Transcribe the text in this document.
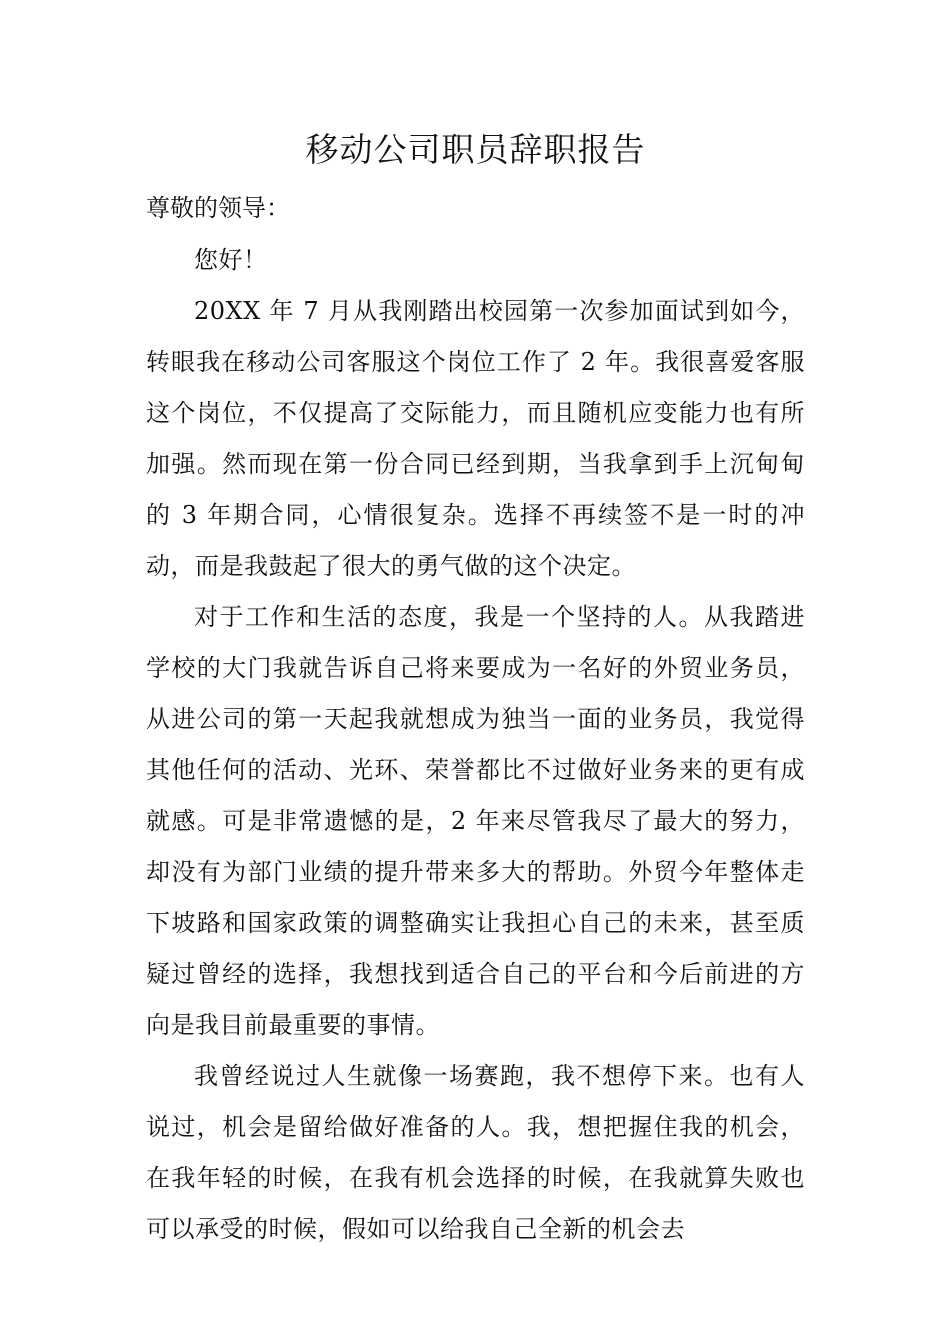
移动公司职员辞职报告

尊敬的领导：

您好！

20XX 年 7 月从我刚踏出校园第一次参加面试到如今，转眼我在移动公司客服这个岗位工作了 2 年。我很喜爱客服这个岗位，不仅提高了交际能力，而且随机应变能力也有所加强。然而现在第一份合同已经到期，当我拿到手上沉甸甸的 3 年期合同，心情很复杂。选择不再续签不是一时的冲动，而是我鼓起了很大的勇气做的这个决定。

对于工作和生活的态度，我是一个坚持的人。从我踏进学校的大门我就告诉自己将来要成为一名好的外贸业务员，从进公司的第一天起我就想成为独当一面的业务员，我觉得其他任何的活动、光环、荣誉都比不过做好业务来的更有成就感。可是非常遗憾的是，2 年来尽管我尽了最大的努力，却没有为部门业绩的提升带来多大的帮助。外贸今年整体走下坡路和国家政策的调整确实让我担心自己的未来，甚至质疑过曾经的选择，我想找到适合自己的平台和今后前进的方向是我目前最重要的事情。

我曾经说过人生就像一场赛跑，我不想停下来。也有人说过，机会是留给做好准备的人。我，想把握住我的机会，在我年轻的时候，在我有机会选择的时候，在我就算失败也可以承受的时候，假如可以给我自己全新的机会去
